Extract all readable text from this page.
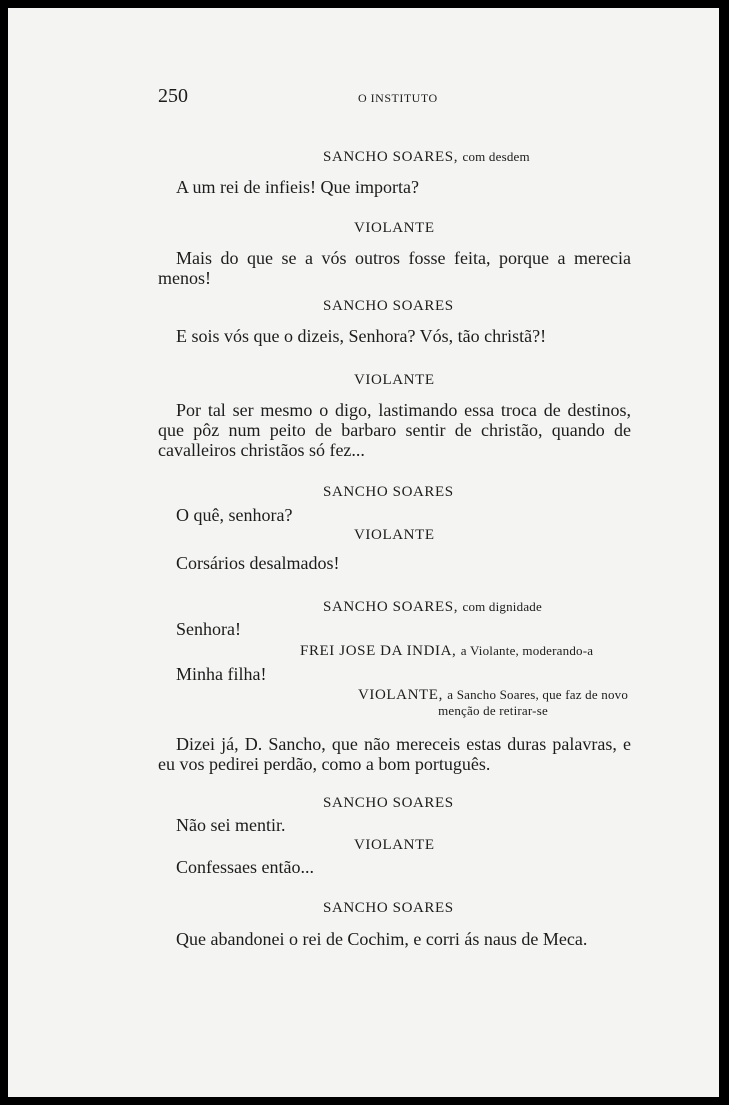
250	O INSTITUTO
SANCHO SOARES, com desdem
A um rei de infieis! Que importa?
VIOLANTE
Mais do que se a vós outros fosse feita, porque a merecia menos!
SANCHO SOARES
E sois vós que o dizeis, Senhora? Vós, tão christã?!
VIOLANTE
Por tal ser mesmo o digo, lastimando essa troca de destinos, que pôz num peito de barbaro sentir de christão, quando de cavalleiros christãos só fez...
SANCHO SOARES
O quê, senhora?
VIOLANTE
Corsários desalmados!
SANCHO SOARES, com dignidade
Senhora!
FREI JOSE DA INDIA, a Violante, moderando-a
Minha filha!
VIOLANTE, a Sancho Soares, que faz de novo menção de retirar-se
Dizei já, D. Sancho, que não mereceis estas duras palavras, e eu vos pedirei perdão, como a bom português.
SANCHO SOARES
Não sei mentir.
VIOLANTE
Confessaes então...
SANCHO SOARES
Que abandonei o rei de Cochim, e corri ás naus de Meca.
